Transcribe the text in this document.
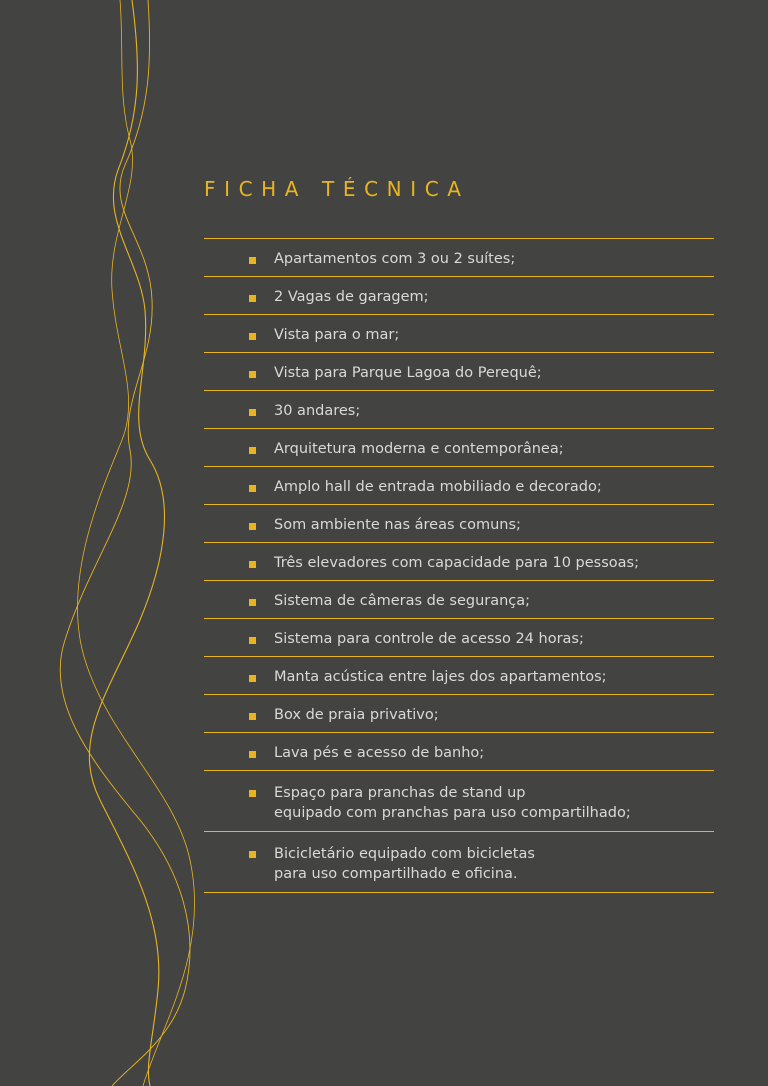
FICHA TÉCNICA
Apartamentos com 3 ou 2 suítes;
2 Vagas de garagem;
Vista para o mar;
Vista para Parque Lagoa do Perequê;
30 andares;
Arquitetura moderna e contemporânea;
Amplo hall de entrada mobiliado e decorado;
Som ambiente nas áreas comuns;
Três elevadores com capacidade para 10 pessoas;
Sistema de câmeras de segurança;
Sistema para controle de acesso 24 horas;
Manta acústica entre lajes dos apartamentos;
Box de praia privativo;
Lava pés e acesso de banho;
Espaço para pranchas de stand up
equipado com pranchas para uso compartilhado;
Bicicletário equipado com bicicletas
para uso compartilhado e oficina.
